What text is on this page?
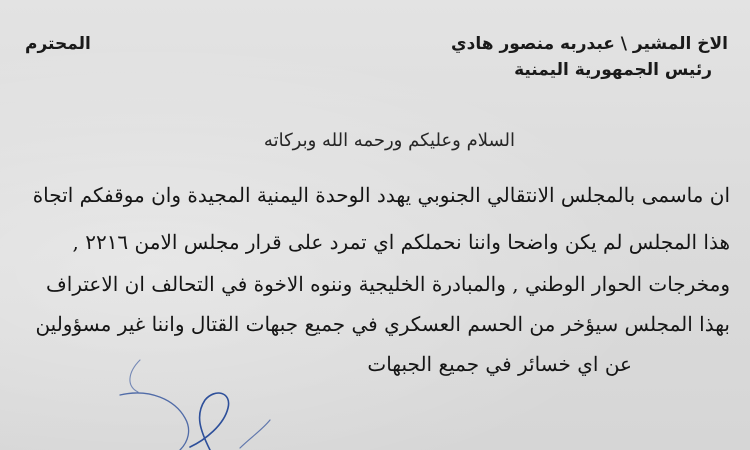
الاخ المشير \ عبدربه منصور هادي
رئيس الجمهورية اليمنية
المحترم
السلام وعليكم ورحمه الله وبركاته
ان ماسمى بالمجلس الانتقالي الجنوبي يهدد الوحدة اليمنية المجيدة وان موقفكم اتجاة
هذا المجلس لم يكن واضحا واننا نحملكم اي تمرد على قرار مجلس الامن ٢٢١٦ ,
ومخرجات الحوار الوطني , والمبادرة الخليجية وننوه الاخوة في التحالف ان الاعتراف
بهذا المجلس سيؤخر من الحسم العسكري في جميع جبهات القتال واننا غير مسؤولين
عن اي خسائر في جميع الجبهات
